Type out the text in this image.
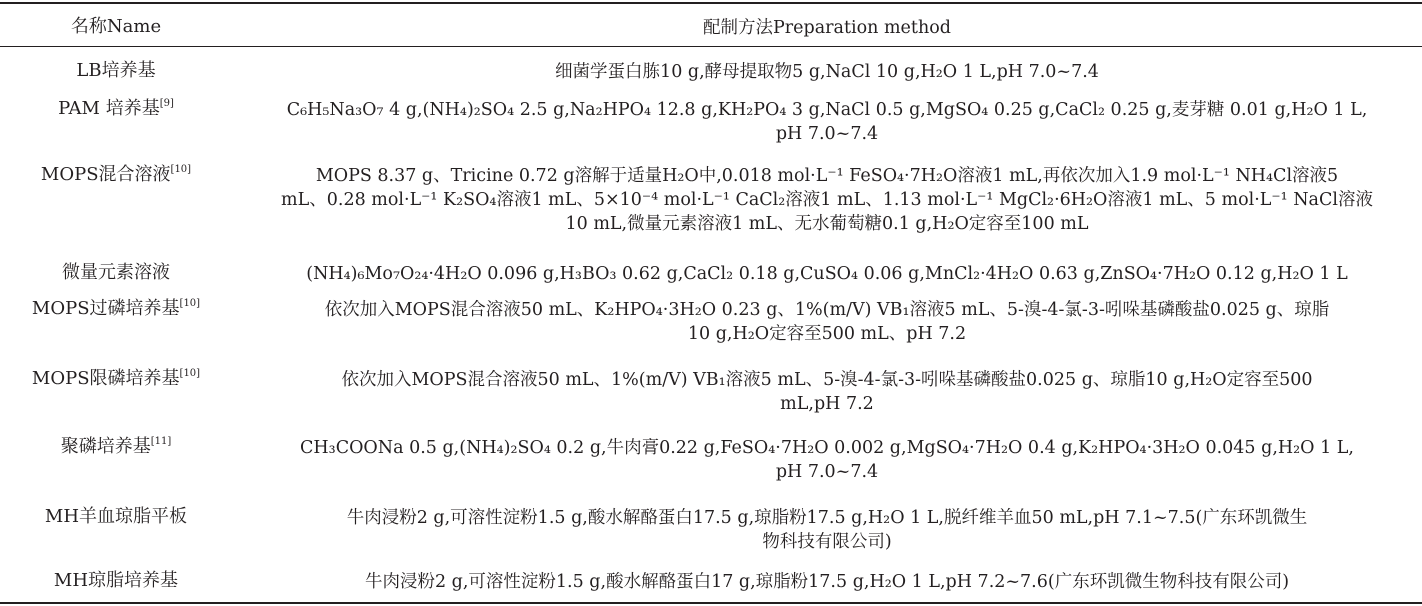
名称Name	配制方法Preparation method
LB培养基	细菌学蛋白胨10 g,酵母提取物5 g,NaCl 10 g,H₂O 1 L,pH 7.0~7.4
PAM 培养基[9]	C₆H₅Na₃O₇ 4 g,(NH₄)₂SO₄ 2.5 g,Na₂HPO₄ 12.8 g,KH₂PO₄ 3 g,NaCl 0.5 g,MgSO₄ 0.25 g,CaCl₂ 0.25 g,麦芽糖 0.01 g,H₂O 1 L,
pH 7.0~7.4
MOPS混合溶液[10]	MOPS 8.37 g、Tricine 0.72 g溶解于适量H₂O中,0.018 mol·L⁻¹ FeSO₄·7H₂O溶液1 mL,再依次加入1.9 mol·L⁻¹ NH₄Cl溶液5
mL、0.28 mol·L⁻¹ K₂SO₄溶液1 mL、5×10⁻⁴ mol·L⁻¹ CaCl₂溶液1 mL、1.13 mol·L⁻¹ MgCl₂·6H₂O溶液1 mL、5 mol·L⁻¹ NaCl溶液
10 mL,微量元素溶液1 mL、无水葡萄糖0.1 g,H₂O定容至100 mL
微量元素溶液	(NH₄)₆Mo₇O₂₄·4H₂O 0.096 g,H₃BO₃ 0.62 g,CaCl₂ 0.18 g,CuSO₄ 0.06 g,MnCl₂·4H₂O 0.63 g,ZnSO₄·7H₂O 0.12 g,H₂O 1 L
MOPS过磷培养基[10]	依次加入MOPS混合溶液50 mL、K₂HPO₄·3H₂O 0.23 g、1%(m/V) VB₁溶液5 mL、5-溴-4-氯-3-吲哚基磷酸盐0.025 g、琼脂
10 g,H₂O定容至500 mL、pH 7.2
MOPS限磷培养基[10]	依次加入MOPS混合溶液50 mL、1%(m/V) VB₁溶液5 mL、5-溴-4-氯-3-吲哚基磷酸盐0.025 g、琼脂10 g,H₂O定容至500
mL,pH 7.2
聚磷培养基[11]	CH₃COONa 0.5 g,(NH₄)₂SO₄ 0.2 g,牛肉膏0.22 g,FeSO₄·7H₂O 0.002 g,MgSO₄·7H₂O 0.4 g,K₂HPO₄·3H₂O 0.045 g,H₂O 1 L,
pH 7.0~7.4
MH羊血琼脂平板	牛肉浸粉2 g,可溶性淀粉1.5 g,酸水解酪蛋白17.5 g,琼脂粉17.5 g,H₂O 1 L,脱纤维羊血50 mL,pH 7.1~7.5(广东环凯微生
物科技有限公司)
MH琼脂培养基	牛肉浸粉2 g,可溶性淀粉1.5 g,酸水解酪蛋白17 g,琼脂粉17.5 g,H₂O 1 L,pH 7.2~7.6(广东环凯微生物科技有限公司)
